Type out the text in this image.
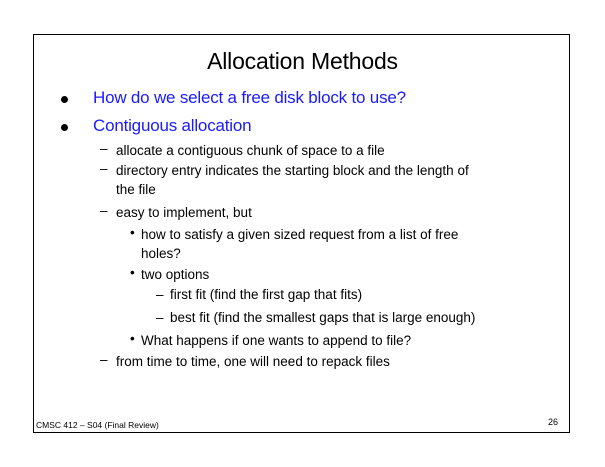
Allocation Methods
How do we select a free disk block to use?
Contiguous allocation
– allocate a contiguous chunk of space to a file
– directory entry indicates the starting block and the length of
the file
– easy to implement, but
• how to satisfy a given sized request from a list of free
holes?
• two options
– first fit (find the first gap that fits)
– best fit (find the smallest gaps that is large enough)
• What happens if one wants to append to file?
– from time to time, one will need to repack files
CMSC 412 – S04 (Final Review)	26
